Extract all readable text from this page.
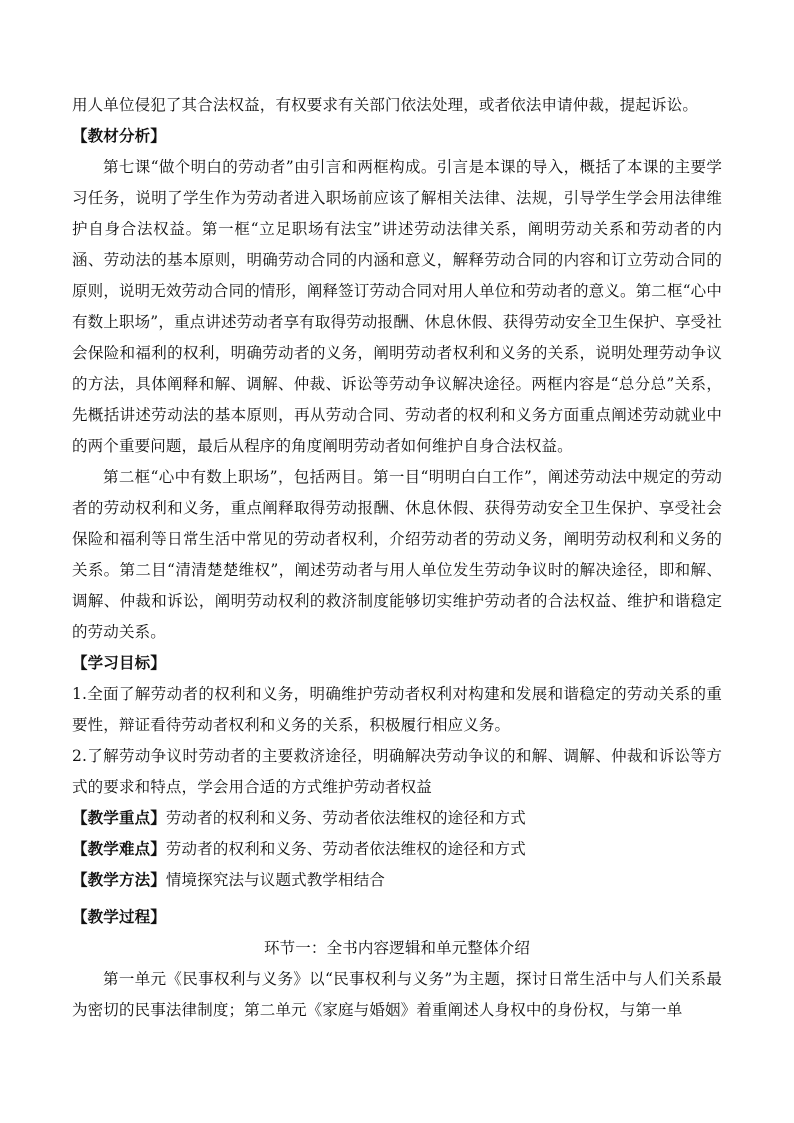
用人单位侵犯了其合法权益，有权要求有关部门依法处理，或者依法申请仲裁，提起诉讼。

【教材分析】

第七课“做个明白的劳动者”由引言和两框构成。引言是本课的导入，概括了本课的主要学习任务，说明了学生作为劳动者进入职场前应该了解相关法律、法规，引导学生学会用法律维护自身合法权益。第一框“立足职场有法宝”讲述劳动法律关系，阐明劳动关系和劳动者的内涵、劳动法的基本原则，明确劳动合同的内涵和意义，解释劳动合同的内容和订立劳动合同的原则，说明无效劳动合同的情形，阐释签订劳动合同对用人单位和劳动者的意义。第二框“心中有数上职场”，重点讲述劳动者享有取得劳动报酬、休息休假、获得劳动安全卫生保护、享受社会保险和福利的权利，明确劳动者的义务，阐明劳动者权利和义务的关系，说明处理劳动争议的方法，具体阐释和解、调解、仲裁、诉讼等劳动争议解决途径。两框内容是“总分总”关系，先概括讲述劳动法的基本原则，再从劳动合同、劳动者的权利和义务方面重点阐述劳动就业中的两个重要问题，最后从程序的角度阐明劳动者如何维护自身合法权益。

第二框“心中有数上职场”，包括两目。第一目“明明白白工作”，阐述劳动法中规定的劳动者的劳动权利和义务，重点阐释取得劳动报酬、休息休假、获得劳动安全卫生保护、享受社会保险和福利等日常生活中常见的劳动者权利，介绍劳动者的劳动义务，阐明劳动权利和义务的关系。第二目“清清楚楚维权”，阐述劳动者与用人单位发生劳动争议时的解决途径，即和解、调解、仲裁和诉讼，阐明劳动权利的救济制度能够切实维护劳动者的合法权益、维护和谐稳定的劳动关系。

【学习目标】

1.全面了解劳动者的权利和义务，明确维护劳动者权利对构建和发展和谐稳定的劳动关系的重要性，辩证看待劳动者权利和义务的关系，积极履行相应义务。

2.了解劳动争议时劳动者的主要救济途径，明确解决劳动争议的和解、调解、仲裁和诉讼等方式的要求和特点，学会用合适的方式维护劳动者权益

【教学重点】劳动者的权利和义务、劳动者依法维权的途径和方式

【教学难点】劳动者的权利和义务、劳动者依法维权的途径和方式

【教学方法】情境探究法与议题式教学相结合

【教学过程】

环节一：全书内容逻辑和单元整体介绍

第一单元《民事权利与义务》以“民事权利与义务”为主题，探讨日常生活中与人们关系最为密切的民事法律制度；第二单元《家庭与婚姻》着重阐述人身权中的身份权，与第一单
